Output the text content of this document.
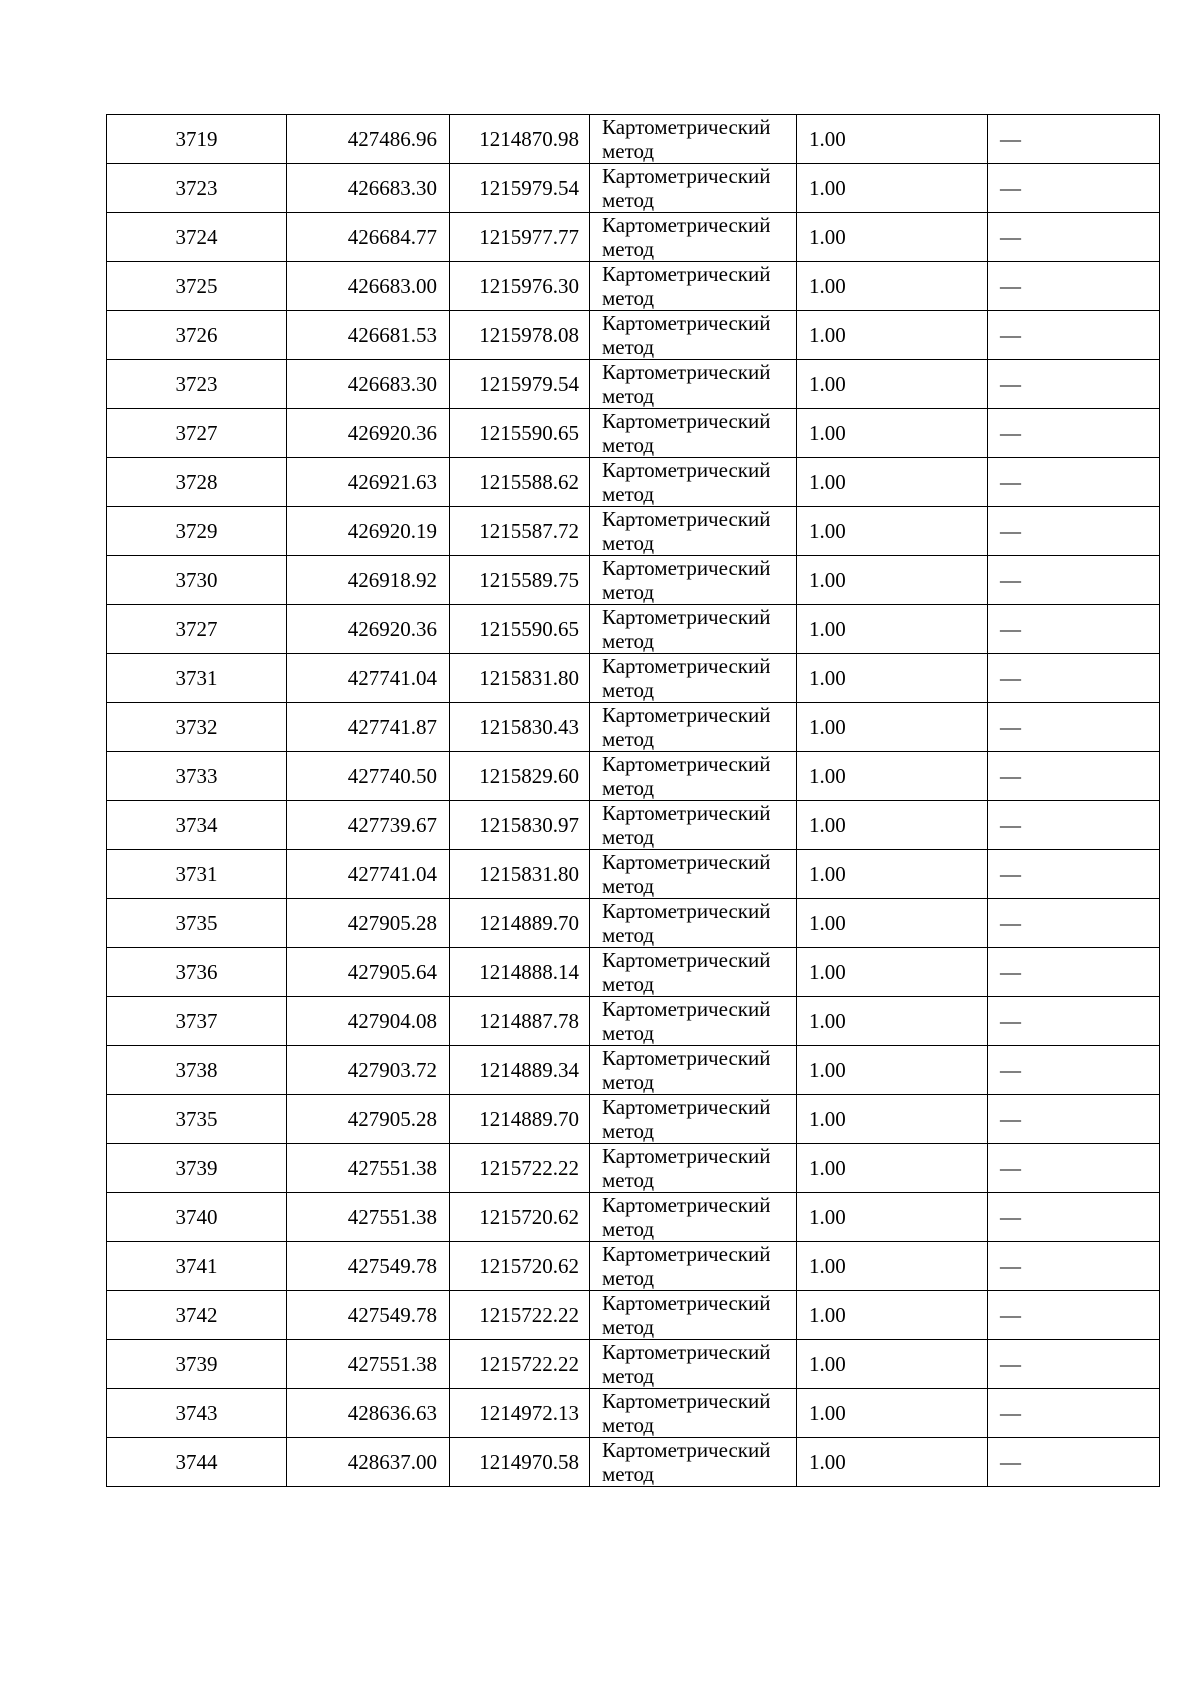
3719	427486.96	1214870.98	Картометрический
метод	1.00	—
3723	426683.30	1215979.54	Картометрический
метод	1.00	—
3724	426684.77	1215977.77	Картометрический
метод	1.00	—
3725	426683.00	1215976.30	Картометрический
метод	1.00	—
3726	426681.53	1215978.08	Картометрический
метод	1.00	—
3723	426683.30	1215979.54	Картометрический
метод	1.00	—
3727	426920.36	1215590.65	Картометрический
метод	1.00	—
3728	426921.63	1215588.62	Картометрический
метод	1.00	—
3729	426920.19	1215587.72	Картометрический
метод	1.00	—
3730	426918.92	1215589.75	Картометрический
метод	1.00	—
3727	426920.36	1215590.65	Картометрический
метод	1.00	—
3731	427741.04	1215831.80	Картометрический
метод	1.00	—
3732	427741.87	1215830.43	Картометрический
метод	1.00	—
3733	427740.50	1215829.60	Картометрический
метод	1.00	—
3734	427739.67	1215830.97	Картометрический
метод	1.00	—
3731	427741.04	1215831.80	Картометрический
метод	1.00	—
3735	427905.28	1214889.70	Картометрический
метод	1.00	—
3736	427905.64	1214888.14	Картометрический
метод	1.00	—
3737	427904.08	1214887.78	Картометрический
метод	1.00	—
3738	427903.72	1214889.34	Картометрический
метод	1.00	—
3735	427905.28	1214889.70	Картометрический
метод	1.00	—
3739	427551.38	1215722.22	Картометрический
метод	1.00	—
3740	427551.38	1215720.62	Картометрический
метод	1.00	—
3741	427549.78	1215720.62	Картометрический
метод	1.00	—
3742	427549.78	1215722.22	Картометрический
метод	1.00	—
3739	427551.38	1215722.22	Картометрический
метод	1.00	—
3743	428636.63	1214972.13	Картометрический
метод	1.00	—
3744	428637.00	1214970.58	Картометрический
метод	1.00	—
